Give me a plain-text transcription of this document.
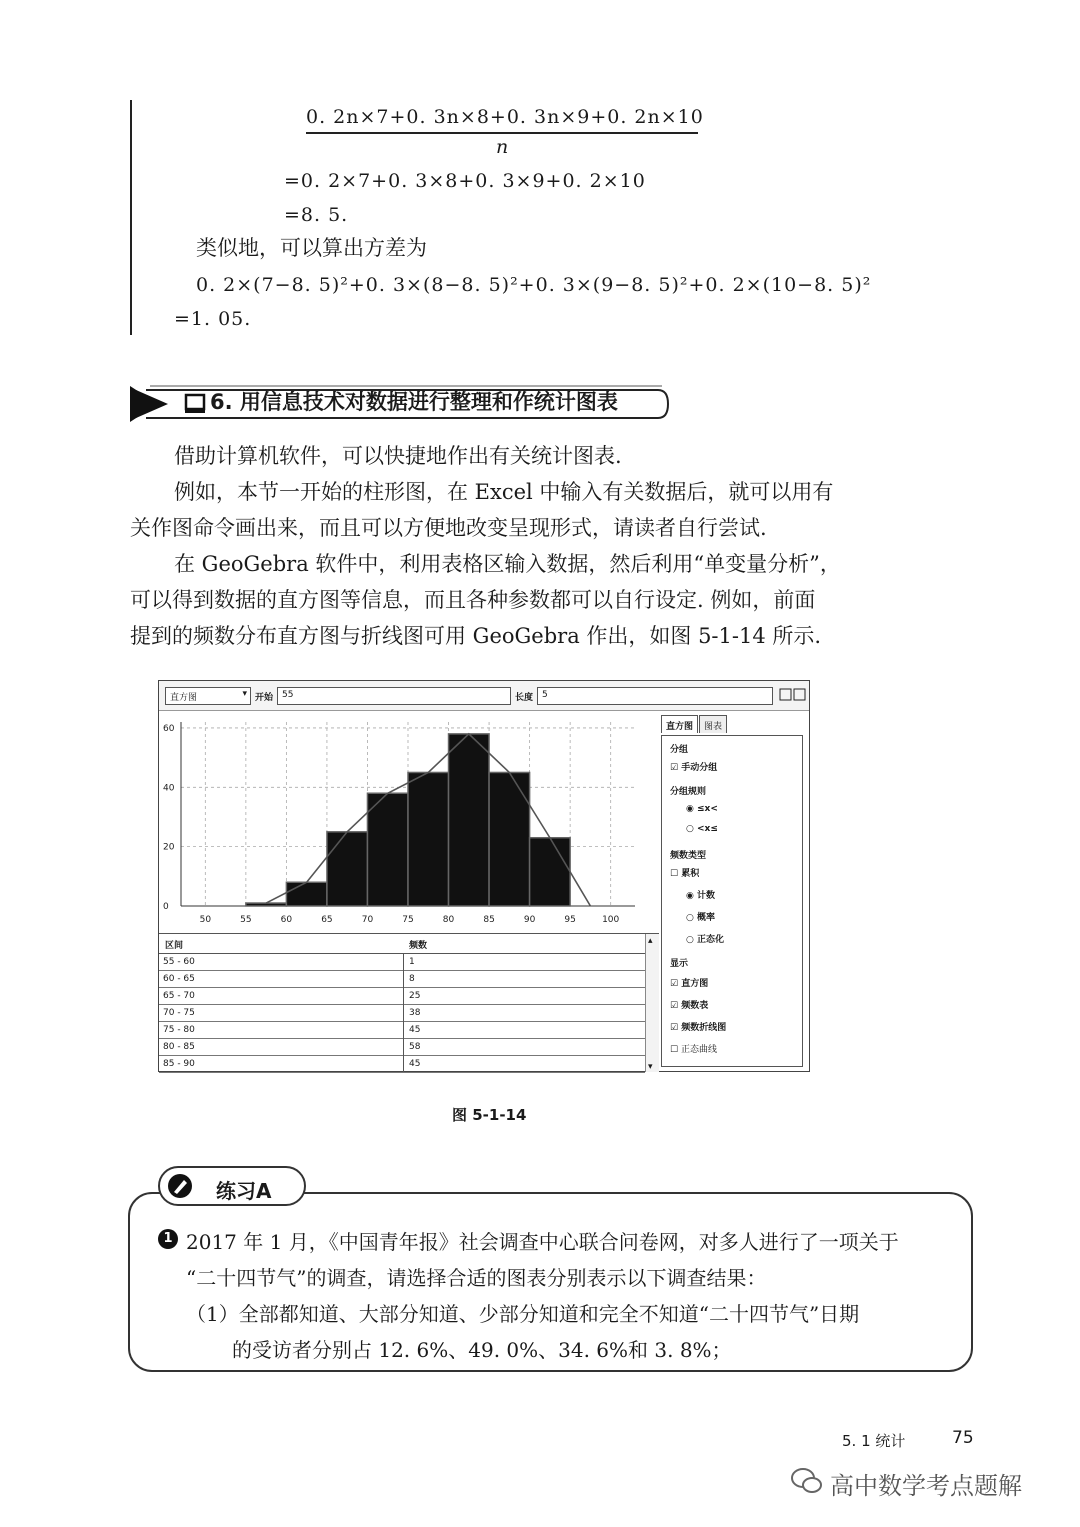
0. 2n×7+0. 3n×8+0. 3n×9+0. 2n×10
n
=0. 2×7+0. 3×8+0. 3×9+0. 2×10
=8. 5.
类似地，可以算出方差为
0. 2×(7−8. 5)²+0. 3×(8−8. 5)²+0. 3×(9−8. 5)²+0. 2×(10−8. 5)²
=1. 05.
6. 用信息技术对数据进行整理和作统计图表
借助计算机软件，可以快捷地作出有关统计图表.
例如，本节一开始的柱形图，在 Excel 中输入有关数据后，就可以用有
关作图命令画出来，而且可以方便地改变呈现形式，请读者自行尝试.
在 GeoGebra 软件中，利用表格区输入数据，然后利用“单变量分析”，
可以得到数据的直方图等信息，而且各种参数都可以自行设定. 例如，前面
提到的频数分布直方图与折线图可用 GeoGebra 作出，如图 5-1-14 所示.
直方图	▾ 开始 55	长度 5
50	55	60	65	70	75	80	85	90	95	100
0
20
40
60	直方图	图表
分组
☑ 手动分组
分组规则
◉ ≤x<
○ <x≤
频数类型
☐ 累积
◉ 计数
○ 概率
○ 正态化
显示
☑ 直方图
☑ 频数表
☑ 频数折线图
☐ 正态曲线
区间	频数
55 - 60	1
60 - 65	8
65 - 70	25
70 - 75	38
75 - 80	45
80 - 85	58
85 - 90	45
▴
▾
图 5-1-14
练习A
1 2017 年 1 月，《中国青年报》社会调查中心联合问卷网，对多人进行了一项关于
“二十四节气”的调查，请选择合适的图表分别表示以下调查结果：
（1）全部都知道、大部分知道、少部分知道和完全不知道“二十四节气”日期
的受访者分别占 12. 6%、49. 0%、34. 6%和 3. 8%；
5. 1 统计	75
高中数学考点题解
